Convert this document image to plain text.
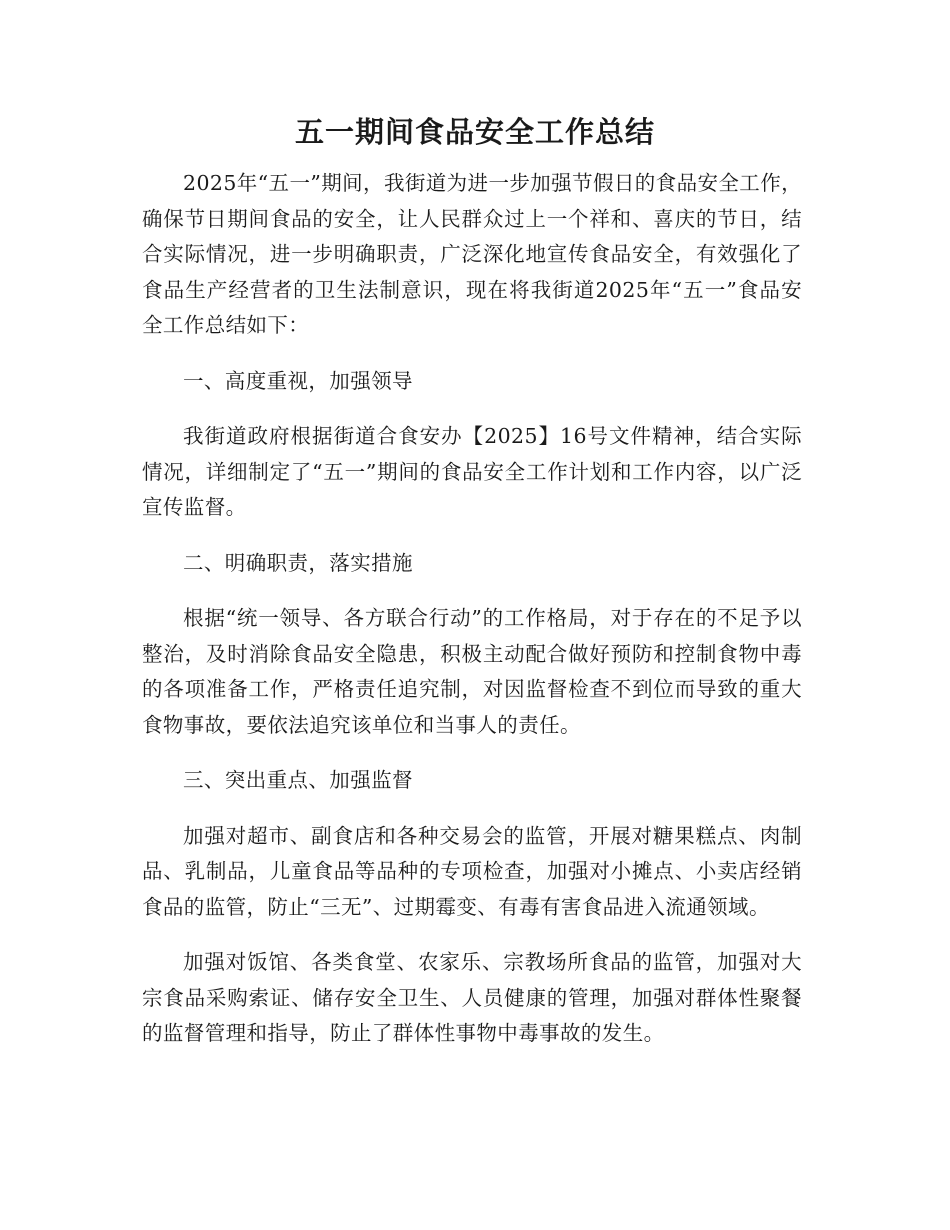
五一期间食品安全工作总结

2025年“五一”期间，我街道为进一步加强节假日的食品安全工作，确保节日期间食品的安全，让人民群众过上一个祥和、喜庆的节日，结合实际情况，进一步明确职责，广泛深化地宣传食品安全，有效强化了食品生产经营者的卫生法制意识，现在将我街道2025年“五一”食品安全工作总结如下：

一、高度重视，加强领导

我街道政府根据街道合食安办【2025】16号文件精神，结合实际情况，详细制定了“五一”期间的食品安全工作计划和工作内容，以广泛宣传监督。

二、明确职责，落实措施

根据“统一领导、各方联合行动”的工作格局，对于存在的不足予以整治，及时消除食品安全隐患，积极主动配合做好预防和控制食物中毒的各项准备工作，严格责任追究制，对因监督检查不到位而导致的重大食物事故，要依法追究该单位和当事人的责任。

三、突出重点、加强监督

加强对超市、副食店和各种交易会的监管，开展对糖果糕点、肉制品、乳制品，儿童食品等品种的专项检查，加强对小摊点、小卖店经销食品的监管，防止“三无”、过期霉变、有毒有害食品进入流通领域。

加强对饭馆、各类食堂、农家乐、宗教场所食品的监管，加强对大宗食品采购索证、储存安全卫生、人员健康的管理，加强对群体性聚餐的监督管理和指导，防止了群体性事物中毒事故的发生。
